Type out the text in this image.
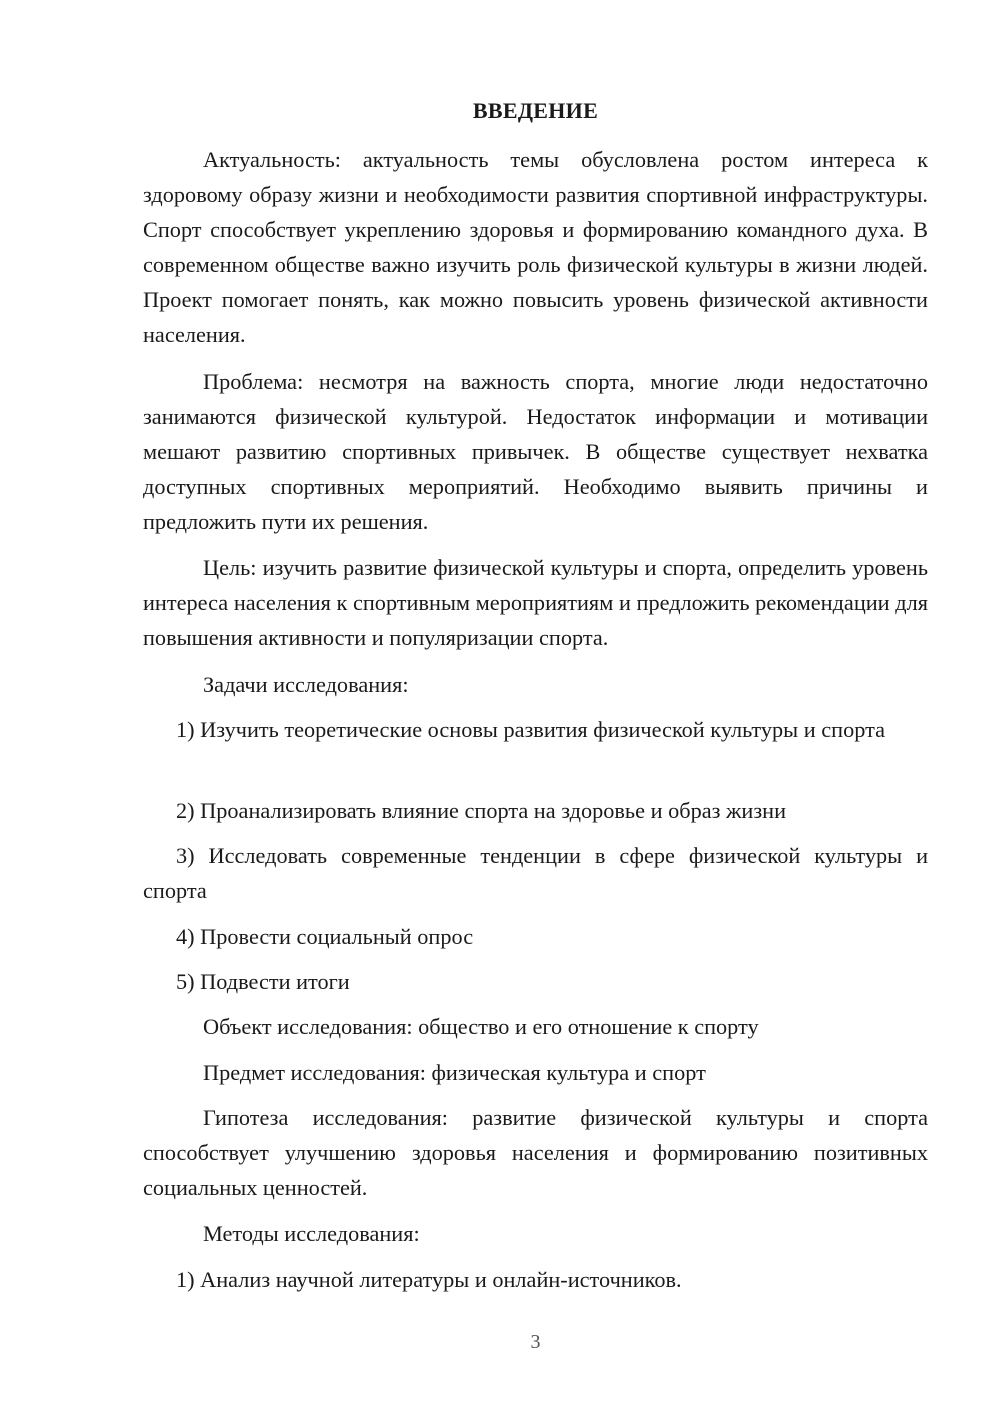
ВВЕДЕНИЕ

Актуальность: актуальность темы обусловлена ростом интереса к здоровому образу жизни и необходимости развития спортивной инфраструктуры. Спорт способствует укреплению здоровья и формированию командного духа. В современном обществе важно изучить роль физической культуры в жизни людей. Проект помогает понять, как можно повысить уровень физической активности населения.

Проблема: несмотря на важность спорта, многие люди недостаточно занимаются физической культурой. Недостаток информации и мотивации мешают развитию спортивных привычек. В обществе существует нехватка доступных спортивных мероприятий. Необходимо выявить причины и предложить пути их решения.

Цель: изучить развитие физической культуры и спорта, определить уровень интереса населения к спортивным мероприятиям и предложить рекомендации для повышения активности и популяризации спорта.

Задачи исследования:

1) Изучить теоретические основы развития физической культуры и спорта

2) Проанализировать влияние спорта на здоровье и образ жизни

3) Исследовать современные тенденции в сфере физической культуры и спорта

4) Провести социальный опрос

5) Подвести итоги

Объект исследования: общество и его отношение к спорту

Предмет исследования: физическая культура и спорт

Гипотеза исследования: развитие физической культуры и спорта способствует улучшению здоровья населения и формированию позитивных социальных ценностей.

Методы исследования:

1) Анализ научной литературы и онлайн-источников.

3
